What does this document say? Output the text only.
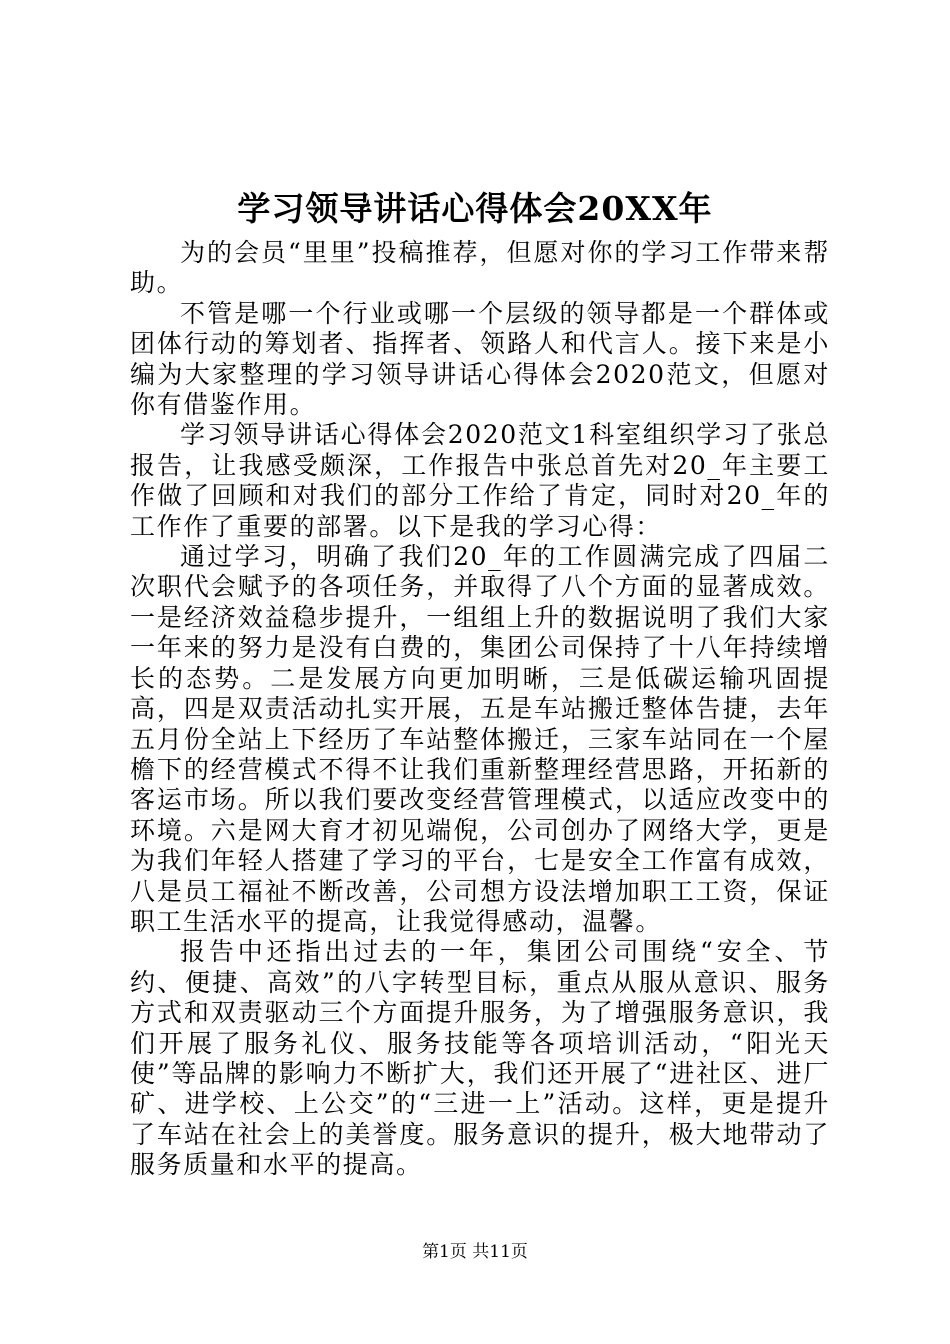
学习领导讲话心得体会20XX年

为的会员“里里”投稿推荐，但愿对你的学习工作带来帮助。

不管是哪一个行业或哪一个层级的领导都是一个群体或团体行动的筹划者、指挥者、领路人和代言人。接下来是小编为大家整理的学习领导讲话心得体会2020范文，但愿对你有借鉴作用。

学习领导讲话心得体会2020范文1科室组织学习了张总报告，让我感受颇深，工作报告中张总首先对20_年主要工作做了回顾和对我们的部分工作给了肯定，同时对20_年的工作作了重要的部署。以下是我的学习心得：

通过学习，明确了我们20_年的工作圆满完成了四届二次职代会赋予的各项任务，并取得了八个方面的显著成效。一是经济效益稳步提升，一组组上升的数据说明了我们大家一年来的努力是没有白费的，集团公司保持了十八年持续增长的态势。二是发展方向更加明晰，三是低碳运输巩固提高，四是双责活动扎实开展，五是车站搬迁整体告捷，去年五月份全站上下经历了车站整体搬迁，三家车站同在一个屋檐下的经营模式不得不让我们重新整理经营思路，开拓新的客运市场。所以我们要改变经营管理模式，以适应改变中的环境。六是网大育才初见端倪，公司创办了网络大学，更是为我们年轻人搭建了学习的平台，七是安全工作富有成效，八是员工福祉不断改善，公司想方设法增加职工工资，保证职工生活水平的提高，让我觉得感动，温馨。

报告中还指出过去的一年，集团公司围绕“安全、节约、便捷、高效”的八字转型目标，重点从服从意识、服务方式和双责驱动三个方面提升服务，为了增强服务意识，我们开展了服务礼仪、服务技能等各项培训活动，“阳光天使”等品牌的影响力不断扩大，我们还开展了“进社区、进厂矿、进学校、上公交”的“三进一上”活动。这样，更是提升了车站在社会上的美誉度。服务意识的提升，极大地带动了服务质量和水平的提高。

第1页 共11页
